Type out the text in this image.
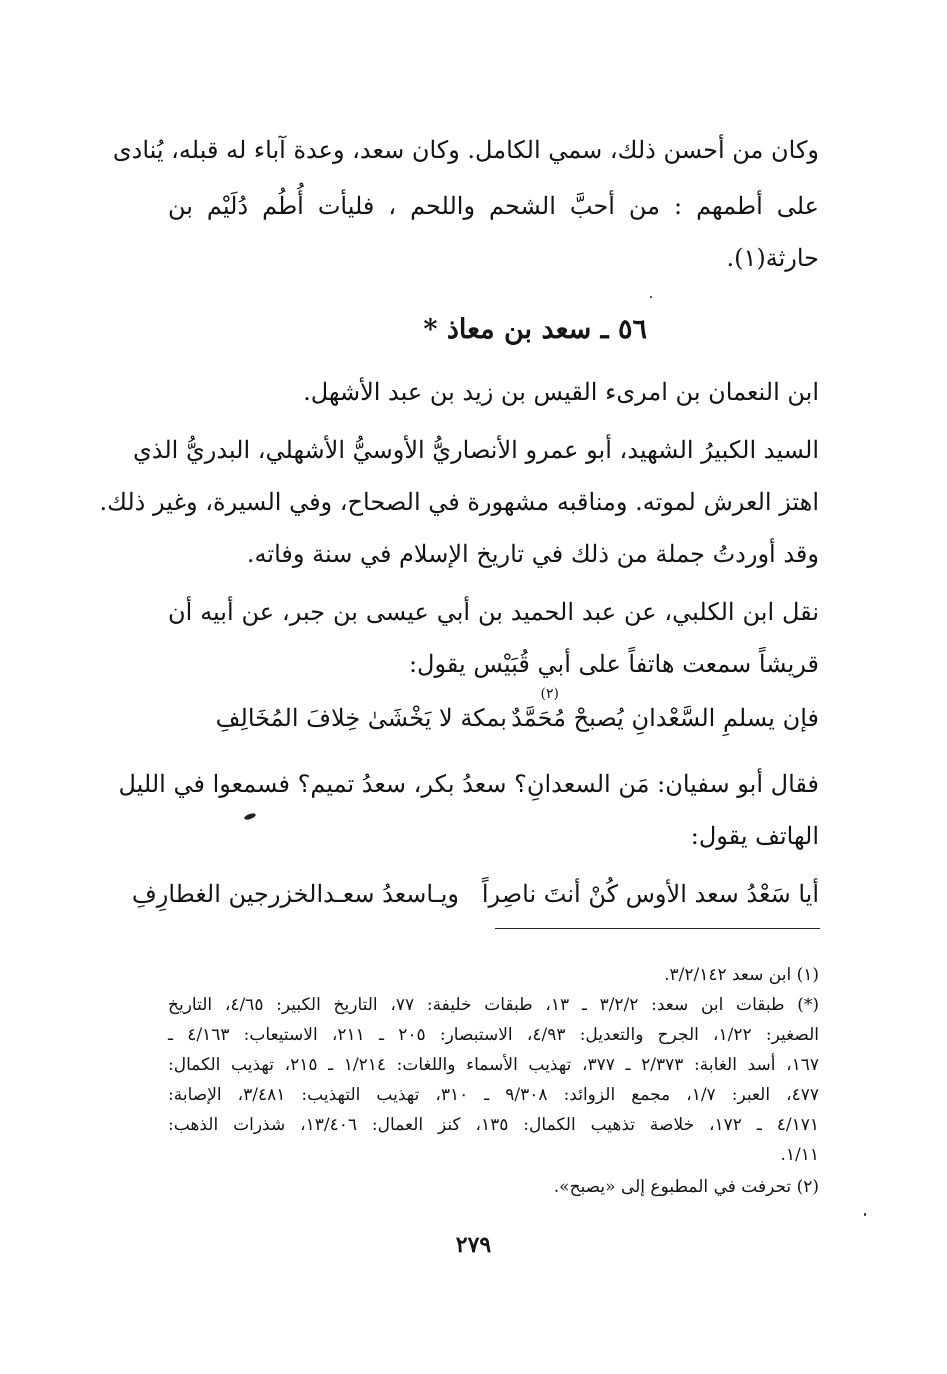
وكان من أحسن ذلك، سمي الكامل. وكان سعد، وعدة آباء له قبله، يُنادى

على أطمهم : من أحبَّ الشحم واللحم ، فليأت أُطُم دُلَيْم بن

حارثة(١).

٥٦ ـ سعد بن معاذ *

ابن النعمان بن امرىء القيس بن زيد بن عبد الأشهل.

السيد الكبيرُ الشهيد، أبو عمرو الأنصاريُّ الأوسيُّ الأشهلي، البدريُّ الذي

اهتز العرش لموته. ومناقبه مشهورة في الصحاح، وفي السيرة، وغير ذلك.

وقد أوردتُ جملة من ذلك في تاريخ الإسلام في سنة وفاته.

نقل ابن الكلبي، عن عبد الحميد بن أبي عيسى بن جبر، عن أبيه أن

قريشاً سمعت هاتفاً على أبي قُبَيْس يقول:

فإن يسلمِ السَّعْدانِ يُصبحْ مُحَمَّدٌ
(٢)
بمكة لا يَخْشَىٰ خِلافَ المُخَالِفِ

فقال أبو سفيان: مَن السعدانِ؟ سعدُ بكر، سعدُ تميم؟ فسمعوا في الليل

الهاتف يقول:

أيا سَعْدُ سعد الأوس كُنْ أنتَ ناصِراً
ويـاسعدُ سعـدالخزرجين الغطارِفِ

(١) ابن سعد ٣/٢/١٤٢.

(*) طبقات ابن سعد: ٣/٢/٢ ـ ١٣، طبقات خليفة: ٧٧، التاريخ الكبير: ٤/٦٥، التاريخ

الصغير: ١/٢٢، الجرح والتعديل: ٤/٩٣، الاستبصار: ٢٠٥ ـ ٢١١، الاستيعاب: ٤/١٦٣ ـ

١٦٧، أسد الغابة: ٢/٣٧٣ ـ ٣٧٧، تهذيب الأسماء واللغات: ١/٢١٤ ـ ٢١٥، تهذيب الكمال:

٤٧٧، العبر: ١/٧، مجمع الزوائد: ٩/٣٠٨ ـ ٣١٠، تهذيب التهذيب: ٣/٤٨١، الإصابة:

٤/١٧١ ـ ١٧٢، خلاصة تذهيب الكمال: ١٣٥، كنز العمال: ١٣/٤٠٦، شذرات الذهب:

١/١١.

(٢) تحرفت في المطبوع إلى «يصبح».

٢٧٩
